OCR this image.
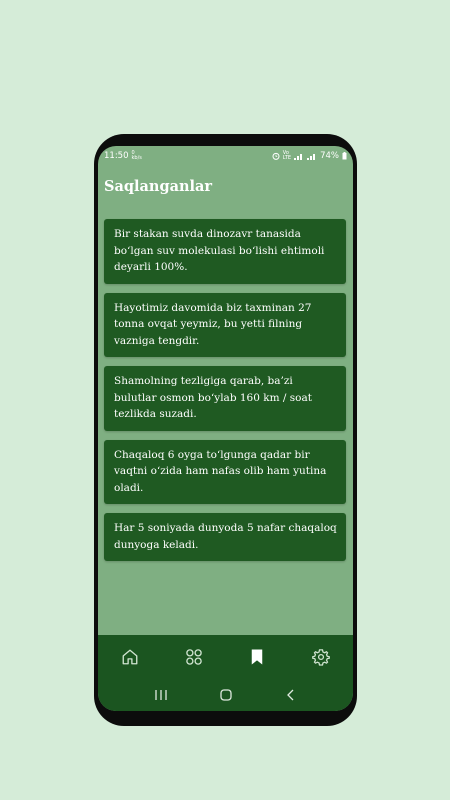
11:50 0
kb/s
Vo
LTE	74%
Saqlanganlar
Bir stakan suvda dinozavr tanasida bo‘lgan suv molekulasi bo‘lishi ehtimoli deyarli 100%.
Hayotimiz davomida biz taxminan 27 tonna ovqat yeymiz, bu yetti filning vazniga tengdir.
Shamolning tezligiga qarab, ba’zi bulutlar osmon bo‘ylab 160 km / soat tezlikda suzadi.
Chaqaloq 6 oyga to‘lgunga qadar bir vaqtni o‘zida ham nafas olib ham yutina oladi.
Har 5 soniyada dunyoda 5 nafar chaqaloq dunyoga keladi.
